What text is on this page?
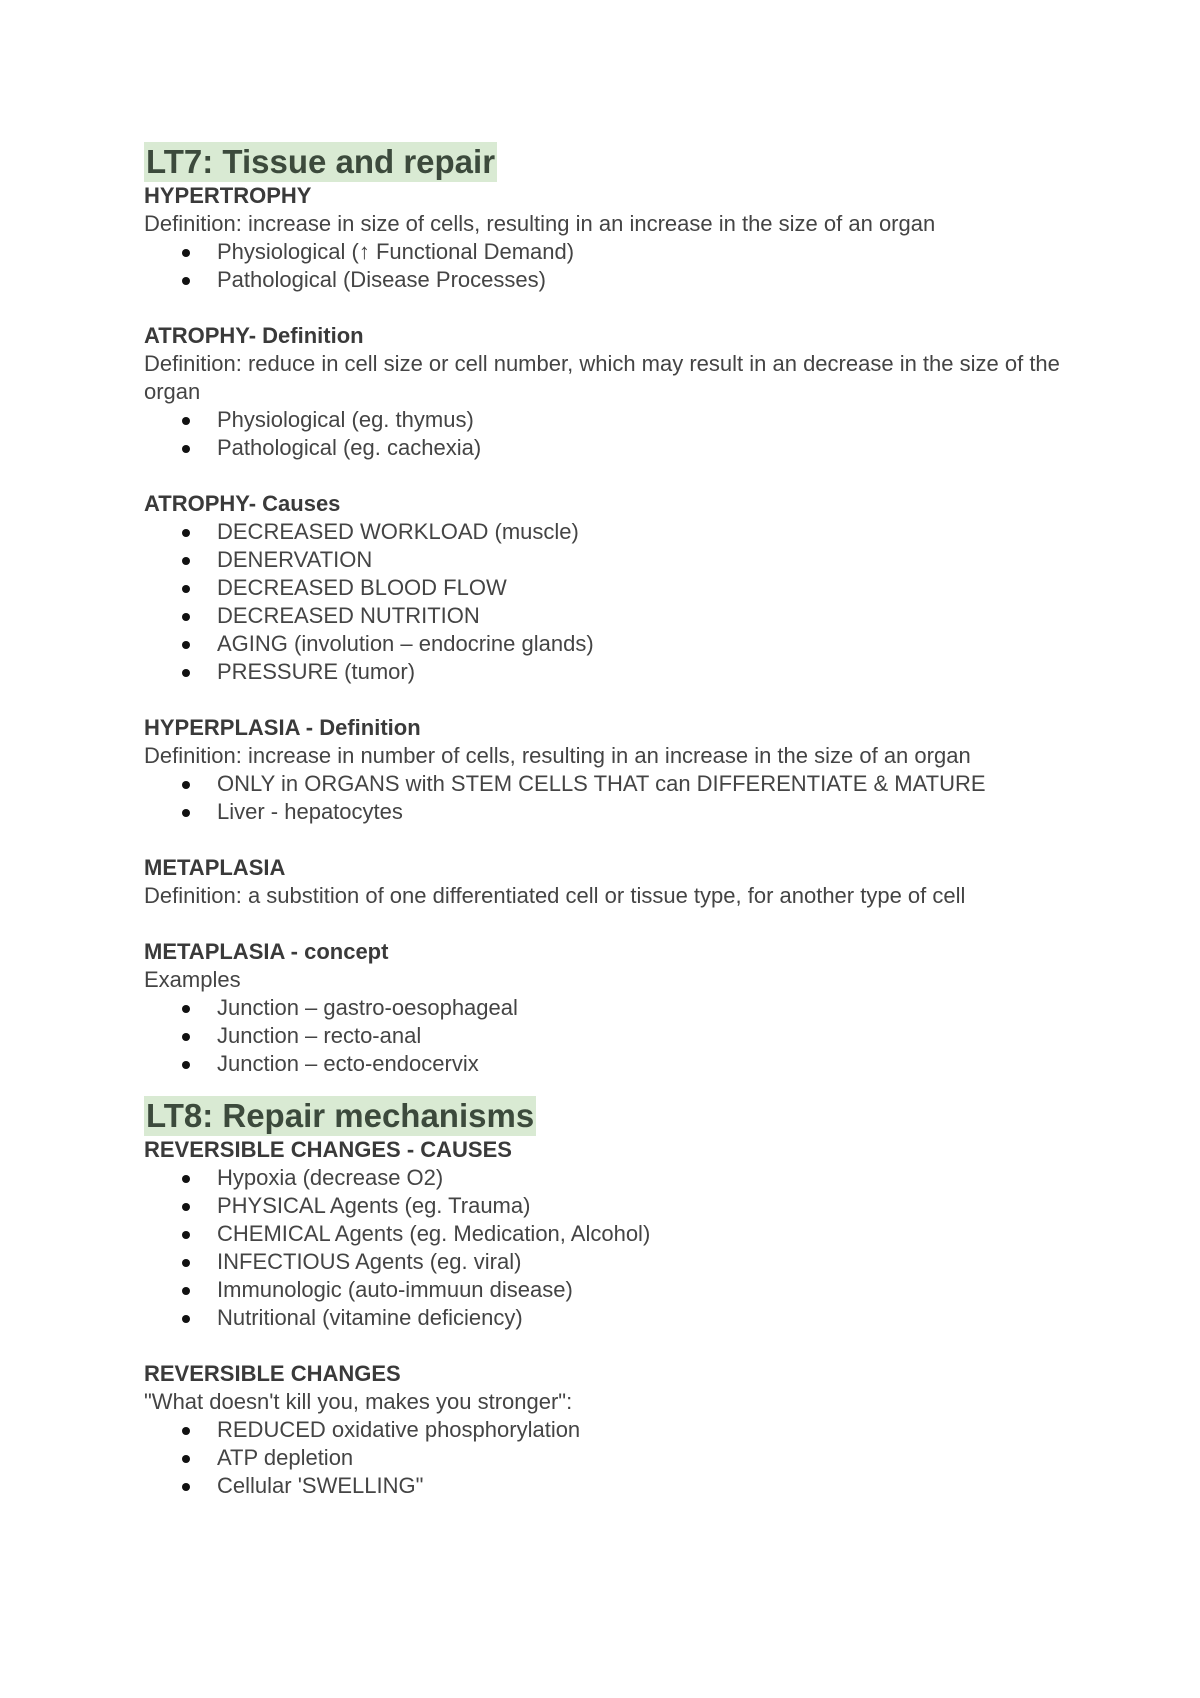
LT7: Tissue and repair

HYPERTROPHY

Definition: increase in size of cells, resulting in an increase in the size of an organ

Physiological (↑ Functional Demand)
Pathological (Disease Processes)

ATROPHY- Definition

Definition: reduce in cell size or cell number, which may result in an decrease in the size of the organ

Physiological (eg. thymus)
Pathological (eg. cachexia)

ATROPHY- Causes

DECREASED WORKLOAD (muscle)
DENERVATION
DECREASED BLOOD FLOW
DECREASED NUTRITION
AGING (involution – endocrine glands)
PRESSURE (tumor)

HYPERPLASIA - Definition

Definition: increase in number of cells, resulting in an increase in the size of an organ

ONLY in ORGANS with STEM CELLS THAT can DIFFERENTIATE & MATURE
Liver - hepatocytes

METAPLASIA

Definition: a substition of one differentiated cell or tissue type, for another type of cell

METAPLASIA - concept

Examples

Junction – gastro-oesophageal
Junction – recto-anal
Junction – ecto-endocervix
LT8: Repair mechanisms

REVERSIBLE CHANGES - CAUSES

Hypoxia (decrease O2)
PHYSICAL Agents (eg. Trauma)
CHEMICAL Agents (eg. Medication, Alcohol)
INFECTIOUS Agents (eg. viral)
Immunologic (auto-immuun disease)
Nutritional (vitamine deficiency)

REVERSIBLE CHANGES

"What doesn't kill you, makes you stronger":

REDUCED oxidative phosphorylation
ATP depletion
Cellular 'SWELLING"
